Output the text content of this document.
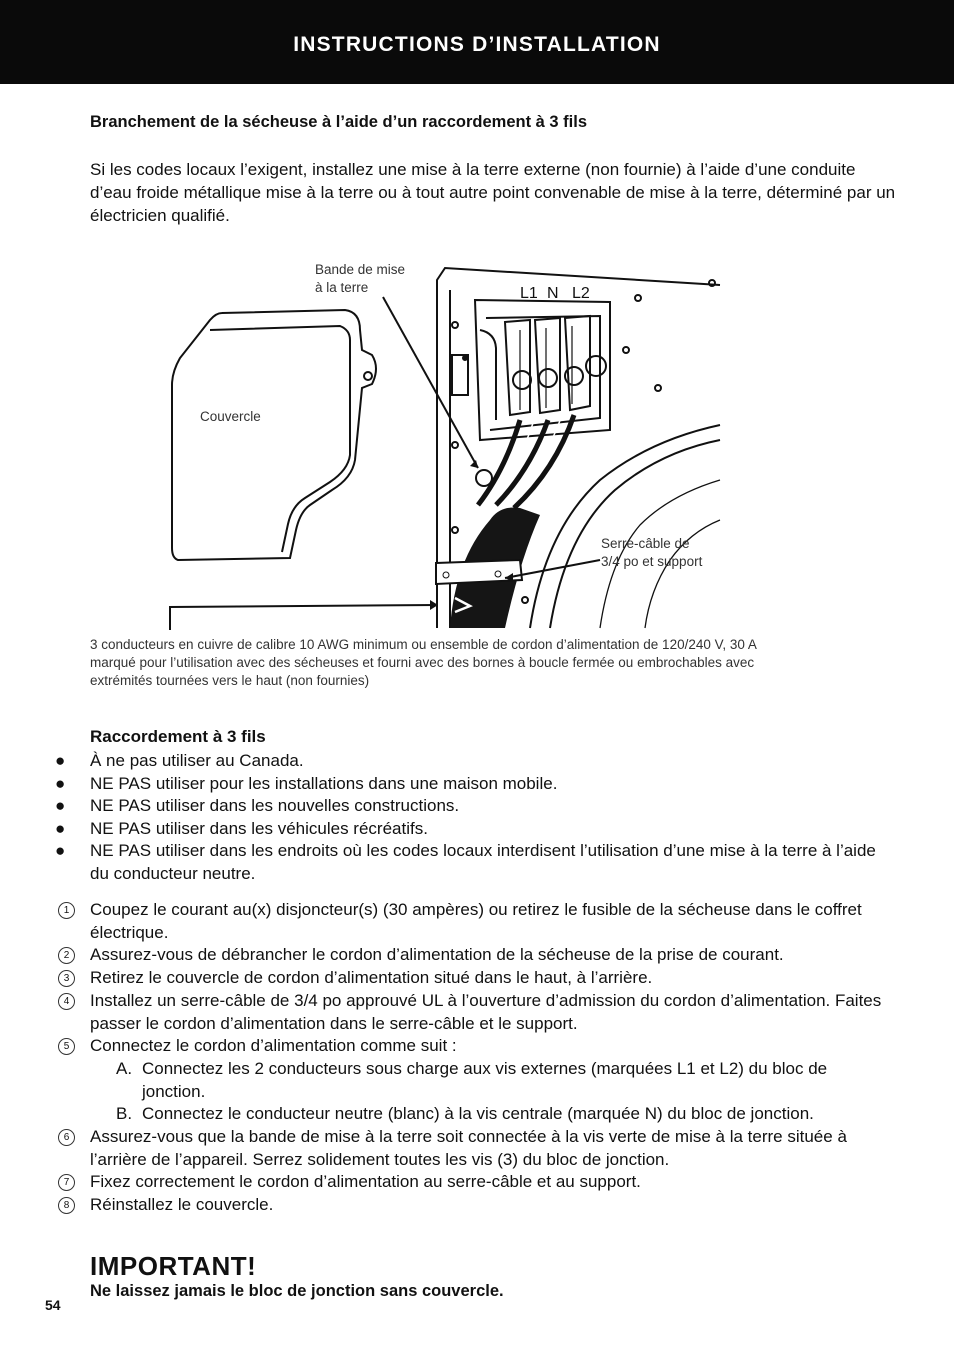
INSTRUCTIONS D’INSTALLATION
Branchement de la sécheuse à l’aide d’un raccordement à 3 fils
Si les codes locaux l’exigent, installez une mise à la terre externe (non fournie) à l’aide d’une conduite d’eau froide métallique mise à la terre ou à tout autre point convenable de mise à la terre, déterminé par un électricien qualifié.
Couvercle
Bande de mise
à la terre	L1 N L2
Serre-câble de
3/4 po et support
3 conducteurs en cuivre de calibre 10 AWG minimum ou ensemble de cordon d’alimentation de 120/240 V, 30 A marqué pour l’utilisation avec des sécheuses et fourni avec des bornes à boucle fermée ou embrochables avec extrémités tournées vers le haut (non fournies)
Raccordement à 3 fils
● À ne pas utiliser au Canada.
● NE PAS utiliser pour les installations dans une maison mobile.
● NE PAS utiliser dans les nouvelles constructions.
● NE PAS utiliser dans les véhicules récréatifs.
● NE PAS utiliser dans les endroits où les codes locaux interdisent l’utilisation d’une mise à la terre à l’aide du conducteur neutre.
1	Coupez le courant au(x) disjoncteur(s) (30 ampères) ou retirez le fusible de la sécheuse dans le coffret électrique.
2	Assurez-vous de débrancher le cordon d’alimentation de la sécheuse de la prise de courant.
3	Retirez le couvercle de cordon d’alimentation situé dans le haut, à l’arrière.
4	Installez un serre-câble de 3/4 po approuvé UL à l’ouverture d’admission du cordon d’alimentation. Faites passer le cordon d’alimentation dans le serre-câble et le support.
5	Connectez le cordon d’alimentation comme suit :
A. Connectez les 2 conducteurs sous charge aux vis externes (marquées L1 et L2) du bloc de jonction.
B. Connectez le conducteur neutre (blanc) à la vis centrale (marquée N) du bloc de jonction.
6	Assurez-vous que la bande de mise à la terre soit connectée à la vis verte de mise à la terre située à l’arrière de l’appareil. Serrez solidement toutes les vis (3) du bloc de jonction.
7	Fixez correctement le cordon d’alimentation au serre-câble et au support.
8	Réinstallez le couvercle.
IMPORTANT!
Ne laissez jamais le bloc de jonction sans couvercle.
54
